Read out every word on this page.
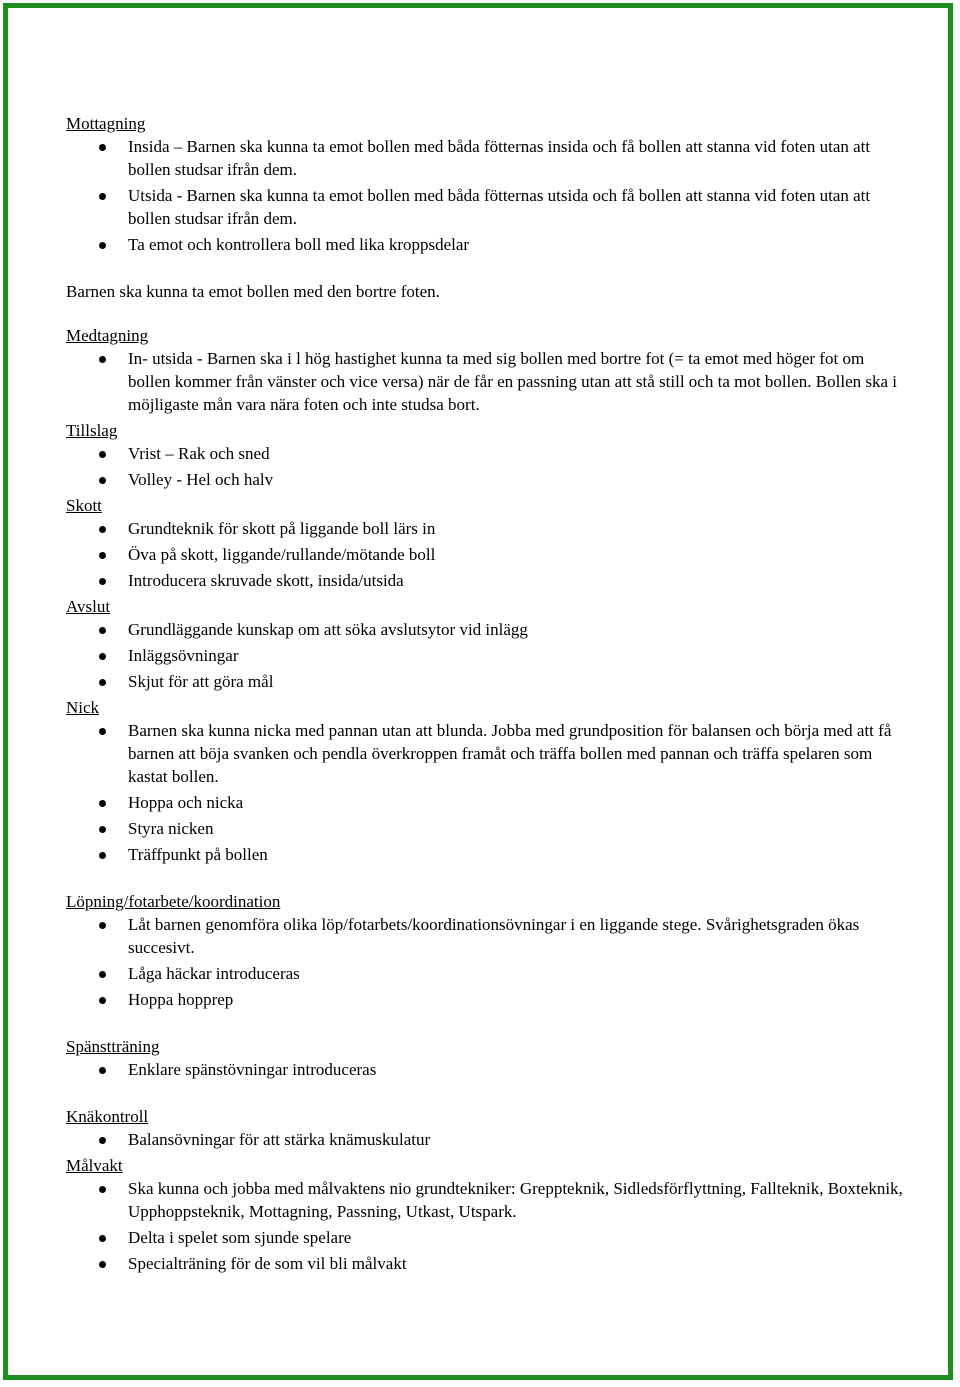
Mottagning
Insida – Barnen ska kunna ta emot bollen med båda fötternas insida och få bollen att stanna vid foten utan att bollen studsar ifrån dem.
Utsida - Barnen ska kunna ta emot bollen med båda fötternas utsida och få bollen att stanna vid foten utan att bollen studsar ifrån dem.
Ta emot och kontrollera boll med lika kroppsdelar
Barnen ska kunna ta emot bollen med den bortre foten.
Medtagning
In- utsida - Barnen ska i l hög hastighet kunna ta med sig bollen med bortre fot (= ta emot med höger fot om bollen kommer från vänster och vice versa) när de får en passning utan att stå still och ta mot bollen. Bollen ska i möjligaste mån vara nära foten och inte studsa bort.
Tillslag
Vrist – Rak och sned
Volley - Hel och halv
Skott
Grundteknik för skott på liggande boll lärs in
Öva på skott, liggande/rullande/mötande boll
Introducera skruvade skott, insida/utsida
Avslut
Grundläggande kunskap om att söka avslutsytor vid inlägg
Inläggsövningar
Skjut för att göra mål
Nick
Barnen ska kunna nicka med pannan utan att blunda. Jobba med grundposition för balansen och börja med att få barnen att böja svanken och pendla överkroppen framåt och träffa bollen med pannan och träffa spelaren som kastat bollen.
Hoppa och nicka
Styra nicken
Träffpunkt på bollen
Löpning/fotarbete/koordination
Låt barnen genomföra olika löp/fotarbets/koordinationsövningar i en liggande stege. Svårighetsgraden ökas succesivt.
Låga häckar introduceras
Hoppa hopprep
Spänstträning
Enklare spänstövningar introduceras
Knäkontroll
Balansövningar för att stärka knämuskulatur
Målvakt
Ska kunna och jobba med målvaktens nio grundtekniker: Greppteknik, Sidledsförflyttning, Fallteknik, Boxteknik, Upphoppsteknik, Mottagning, Passning, Utkast, Utspark.
Delta i spelet som sjunde spelare
Specialträning för de som vil bli målvakt
